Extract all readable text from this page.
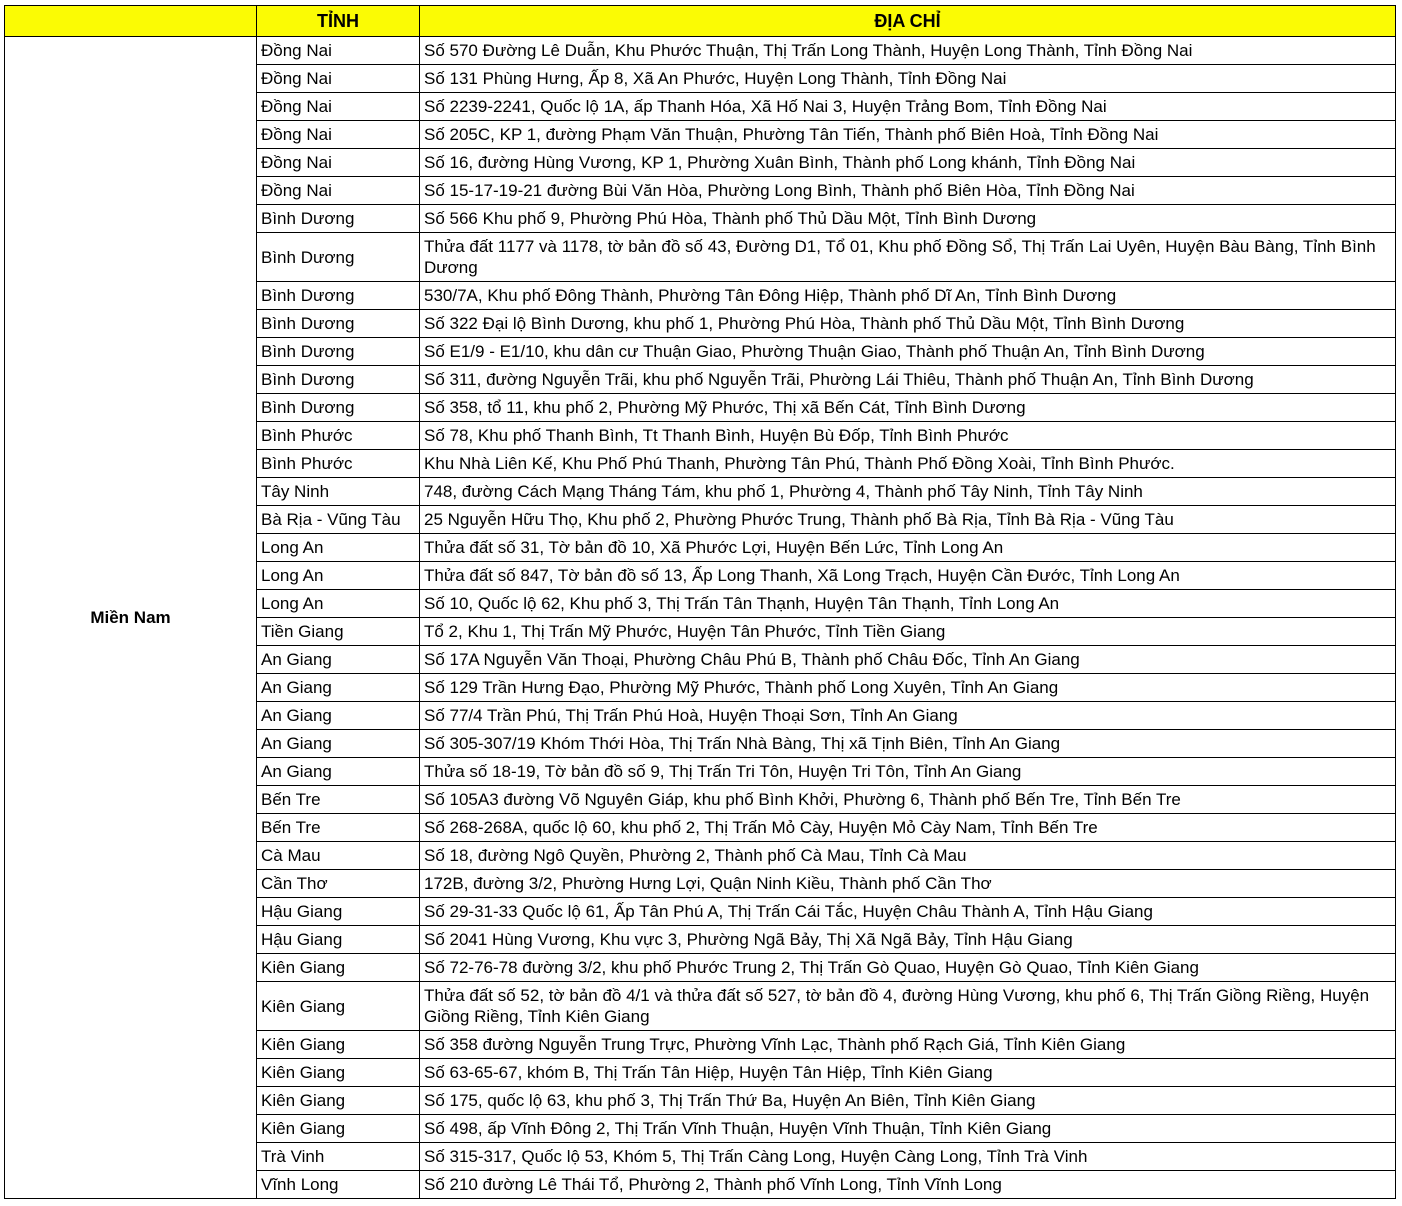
	TỈNH	ĐỊA CHỈ
Miền Nam	Đồng Nai	Số 570 Đường Lê Duẫn, Khu Phước Thuận, Thị Trấn Long Thành, Huyện Long Thành, Tỉnh Đồng Nai
	Đồng Nai	Số 131 Phùng Hưng, Ấp 8, Xã An Phước, Huyện Long Thành, Tỉnh Đồng Nai
	Đồng Nai	Số 2239-2241, Quốc lộ 1A, ấp Thanh Hóa, Xã Hố Nai 3, Huyện Trảng Bom, Tỉnh Đồng Nai
	Đồng Nai	Số 205C, KP 1, đường Phạm Văn Thuận, Phường Tân Tiến, Thành phố Biên Hoà, Tỉnh Đồng Nai
	Đồng Nai	Số 16, đường Hùng Vương, KP 1, Phường Xuân Bình, Thành phố Long khánh, Tỉnh Đồng Nai
	Đồng Nai	Số 15-17-19-21 đường Bùi Văn Hòa, Phường Long Bình, Thành phố Biên Hòa, Tỉnh Đồng Nai
	Bình Dương	Số 566 Khu phố 9, Phường Phú Hòa, Thành phố Thủ Dầu Một, Tỉnh Bình Dương
	Bình Dương	Thửa đất 1177 và 1178, tờ bản đồ số 43, Đường D1, Tổ 01, Khu phố Đồng Sổ, Thị Trấn Lai Uyên, Huyện Bàu Bàng, Tỉnh Bình Dương
	Bình Dương	530/7A, Khu phố Đông Thành, Phường Tân Đông Hiệp, Thành phố Dĩ An, Tỉnh Bình Dương
	Bình Dương	Số 322 Đại lộ Bình Dương, khu phố 1, Phường Phú Hòa, Thành phố Thủ Dầu Một, Tỉnh Bình Dương
	Bình Dương	Số E1/9 - E1/10, khu dân cư Thuận Giao, Phường Thuận Giao, Thành phố Thuận An, Tỉnh Bình Dương
	Bình Dương	Số 311, đường Nguyễn Trãi, khu phố Nguyễn Trãi, Phường Lái Thiêu, Thành phố Thuận An, Tỉnh Bình Dương
	Bình Dương	Số 358, tổ 11, khu phố 2, Phường Mỹ Phước, Thị xã Bến Cát, Tỉnh Bình Dương
	Bình Phước	Số 78, Khu phố Thanh Bình, Tt Thanh Bình, Huyện Bù Đốp, Tỉnh Bình Phước
	Bình Phước	Khu Nhà Liên Kế, Khu Phố Phú Thanh, Phường Tân Phú, Thành Phố Đồng Xoài, Tỉnh Bình Phước.
	Tây Ninh	748, đường Cách Mạng Tháng Tám, khu phố 1, Phường 4, Thành phố Tây Ninh, Tỉnh Tây Ninh
	Bà Rịa - Vũng Tàu	25 Nguyễn Hữu Thọ, Khu phố 2, Phường Phước Trung, Thành phố Bà Rịa, Tỉnh Bà Rịa - Vũng Tàu
	Long An	Thửa đất số 31, Tờ bản đồ 10, Xã Phước Lợi, Huyện Bến Lức, Tỉnh Long An
	Long An	Thửa đất số 847, Tờ bản đồ số 13, Ấp Long Thanh, Xã Long Trạch, Huyện Cần Đước, Tỉnh Long An
	Long An	Số 10, Quốc lộ 62, Khu phố 3, Thị Trấn Tân Thạnh, Huyện Tân Thạnh, Tỉnh Long An
	Tiền Giang	Tổ 2, Khu 1, Thị Trấn Mỹ Phước, Huyện Tân Phước, Tỉnh Tiền Giang
	An Giang	Số 17A Nguyễn Văn Thoại, Phường Châu Phú B, Thành phố Châu Đốc, Tỉnh An Giang
	An Giang	Số 129 Trần Hưng Đạo, Phường Mỹ Phước, Thành phố Long Xuyên, Tỉnh An Giang
	An Giang	Số 77/4 Trần Phú, Thị Trấn Phú Hoà, Huyện Thoại Sơn, Tỉnh An Giang
	An Giang	Số 305-307/19 Khóm Thới Hòa, Thị Trấn Nhà Bàng, Thị xã Tịnh Biên, Tỉnh An Giang
	An Giang	Thửa số 18-19, Tờ bản đồ số 9, Thị Trấn Tri Tôn, Huyện Tri Tôn, Tỉnh An Giang
	Bến Tre	Số 105A3 đường Võ Nguyên Giáp, khu phố Bình Khởi, Phường 6, Thành phố Bến Tre, Tỉnh Bến Tre
	Bến Tre	Số 268-268A, quốc lộ 60, khu phố 2, Thị Trấn Mỏ Cày, Huyện Mỏ Cày Nam, Tỉnh Bến Tre
	Cà Mau	Số 18, đường Ngô Quyền, Phường 2, Thành phố Cà Mau, Tỉnh Cà Mau
	Cần Thơ	172B, đường 3/2, Phường Hưng Lợi, Quận Ninh Kiều, Thành phố Cần Thơ
	Hậu Giang	Số 29-31-33 Quốc lộ 61, Ấp Tân Phú A, Thị Trấn Cái Tắc, Huyện Châu Thành A, Tỉnh Hậu Giang
	Hậu Giang	Số 2041 Hùng Vương, Khu vực 3, Phường Ngã Bảy, Thị Xã Ngã Bảy, Tỉnh Hậu Giang
	Kiên Giang	Số 72-76-78 đường 3/2, khu phố Phước Trung 2, Thị Trấn Gò Quao, Huyện Gò Quao, Tỉnh Kiên Giang
	Kiên Giang	Thửa đất số 52, tờ bản đồ 4/1 và thửa đất số 527, tờ bản đồ 4, đường Hùng Vương, khu phố 6, Thị Trấn Giồng Riềng, Huyện Giồng Riềng, Tỉnh Kiên Giang
	Kiên Giang	Số 358 đường Nguyễn Trung Trực, Phường Vĩnh Lạc, Thành phố Rạch Giá, Tỉnh Kiên Giang
	Kiên Giang	Số 63-65-67, khóm B, Thị Trấn Tân Hiệp, Huyện Tân Hiệp, Tỉnh Kiên Giang
	Kiên Giang	Số 175, quốc lộ 63, khu phố 3, Thị Trấn Thứ Ba, Huyện An Biên, Tỉnh Kiên Giang
	Kiên Giang	Số 498, ấp Vĩnh Đông 2, Thị Trấn Vĩnh Thuận, Huyện Vĩnh Thuận, Tỉnh Kiên Giang
	Trà Vinh	Số 315-317, Quốc lộ 53, Khóm 5, Thị Trấn Càng Long, Huyện Càng Long, Tỉnh Trà Vinh
	Vĩnh Long	Số 210 đường Lê Thái Tổ, Phường 2, Thành phố Vĩnh Long, Tỉnh Vĩnh Long
